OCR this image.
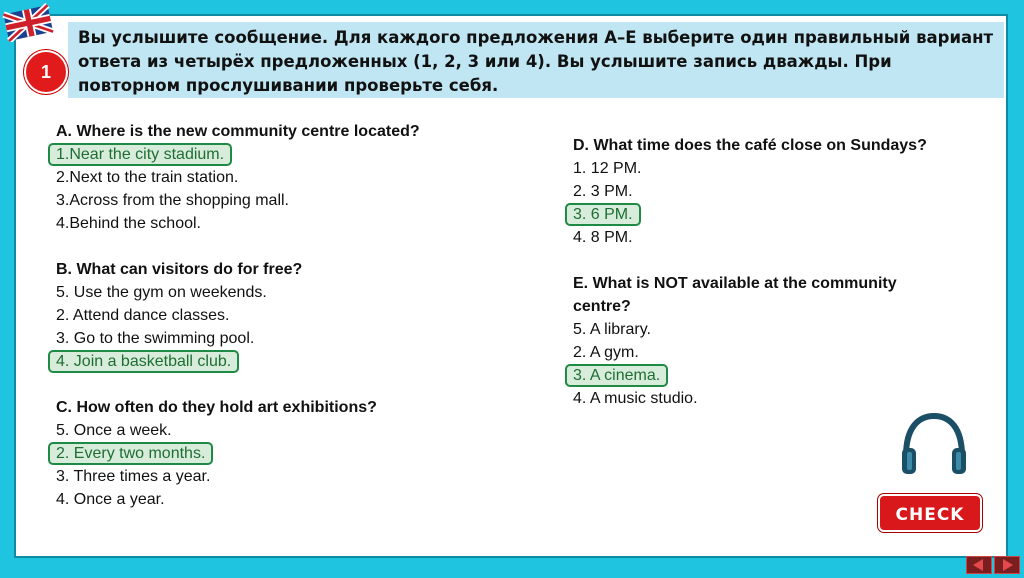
Вы услышите сообщение. Для каждого предложения А–Е выберите один правильный вариант ответа из четырёх предложенных (1, 2, 3 или 4). Вы услышите запись дважды. При повторном прослушивании проверьте себя.
1
A. Where is the new community centre located?
1.Near the city stadium.
2.Next to the train station.
3.Across from the shopping mall.
4.Behind the school.
B. What can visitors do for free?
5. Use the gym on weekends.
2. Attend dance classes.
3. Go to the swimming pool.
4. Join a basketball club.
C. How often do they hold art exhibitions?
5. Once a week.
2. Every two months.
3. Three times a year.
4. Once a year.
D. What time does the café close on Sundays?
1. 12 PM.
2. 3 PM.
3. 6 PM.
4. 8 PM.
E. What is NOT available at the community centre?
5. A library.
2. A gym.
3. A cinema.
4. A music studio.
CHECK
